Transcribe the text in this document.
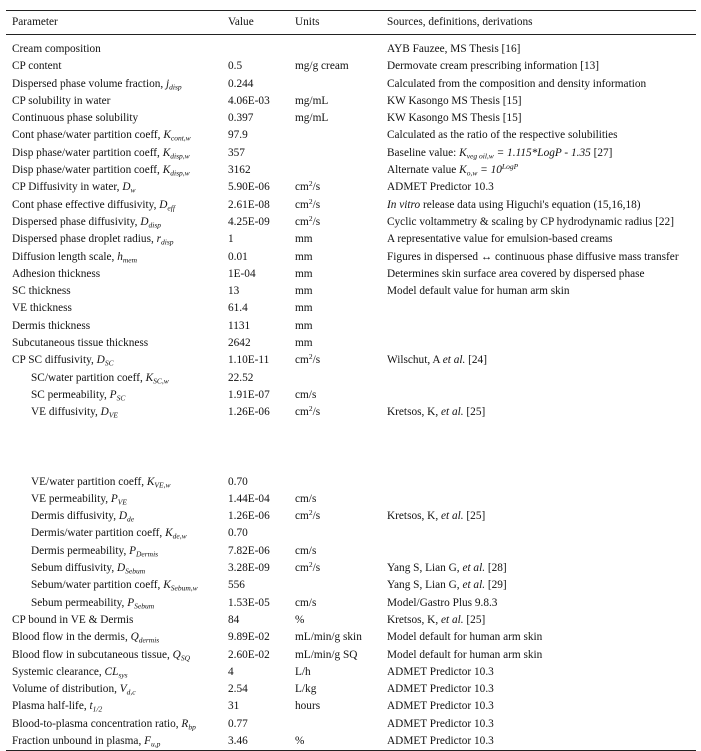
Parameter	Value	Units	Sources, definitions, derivations
Cream composition			AYB Fauzee, MS Thesis [16]
CP content	0.5	mg/g cream	Dermovate cream prescribing information [13]
Dispersed phase volume fraction, $j_{disp}$	0.244		Calculated from the composition and density information
CP solubility in water	4.06E-03	mg/mL	KW Kasongo MS Thesis [15]
Continuous phase solubility	0.397	mg/mL	KW Kasongo MS Thesis [15]
Cont phase/water partition coeff, $K_{cont,w}$	97.9		Calculated as the ratio of the respective solubilities
Disp phase/water partition coeff, $K_{disp,w}$	357		Baseline value: $K_{veg oil,w}$ = 1.115*LogP - 1.35 [27]
Disp phase/water partition coeff, $K_{disp,w}$	3162		Alternate value $K_{o,w} = 10^{LogP}$
CP Diffusivity in water, $D_w$	5.90E-06	$cm^2/s$	ADMET Predictor 10.3
Cont phase effective diffusivity, $D_{eff}$	2.61E-08	$cm^2/s$	In vitro release data using Higuchi's equation (15,16,18)
Dispersed phase diffusivity, $D_{disp}$	4.25E-09	$cm^2/s$	Cyclic voltammetry & scaling by CP hydrodynamic radius [22]
Dispersed phase droplet radius, $r_{disp}$	1	mm	A representative value for emulsion-based creams
Diffusion length scale, $h_{mem}$	0.01	mm	Figures in dispersed ↔ continuous phase diffusive mass transfer
Adhesion thickness	1E-04	mm	Determines skin surface area covered by dispersed phase
SC thickness	13	mm	Model default value for human arm skin
VE thickness	61.4	mm	
Dermis thickness	1131	mm	
Subcutaneous tissue thickness	2642	mm	
CP SC diffusivity, $D_{SC}$	1.10E-11	$cm^2/s$	Wilschut, A et al. [24]
SC/water partition coeff, $K_{SC,w}$	22.52		
SC permeability, $P_{SC}$	1.91E-07	cm/s	
VE diffusivity, $D_{VE}$	1.26E-06	$cm^2/s$	Kretsos, K, et al. [25]

VE/water partition coeff, $K_{VE,w}$	0.70		
VE permeability, $P_{VE}$	1.44E-04	cm/s	
Dermis diffusivity, $D_{de}$	1.26E-06	$cm^2/s$	Kretsos, K, et al. [25]
Dermis/water partition coeff, $K_{de,w}$	0.70		
Dermis permeability, $P_{Dermis}$	7.82E-06	cm/s	
Sebum diffusivity, $D_{Sebum}$	3.28E-09	$cm^2/s$	Yang S, Lian G, et al. [28]
Sebum/water partition coeff, $K_{Sebum,w}$	556		Yang S, Lian G, et al. [29]
Sebum permeability, $P_{Sebum}$	1.53E-05	cm/s	Model/Gastro Plus 9.8.3
CP bound in VE & Dermis	84	%	Kretsos, K, et al. [25]
Blood flow in the dermis, $Q_{dermis}$	9.89E-02	mL/min/g skin	Model default for human arm skin
Blood flow in subcutaneous tissue, $Q_{SQ}$	2.60E-02	mL/min/g SQ	Model default for human arm skin
Systemic clearance, $CL_{sys}$	4	L/h	ADMET Predictor 10.3
Volume of distribution, $V_{d,c}$	2.54	L/kg	ADMET Predictor 10.3
Plasma half-life, $t_{1/2}$	31	hours	ADMET Predictor 10.3
Blood-to-plasma concentration ratio, $R_{bp}$	0.77		ADMET Predictor 10.3
Fraction unbound in plasma, $F_{u,p}$	3.46	%	ADMET Predictor 10.3
